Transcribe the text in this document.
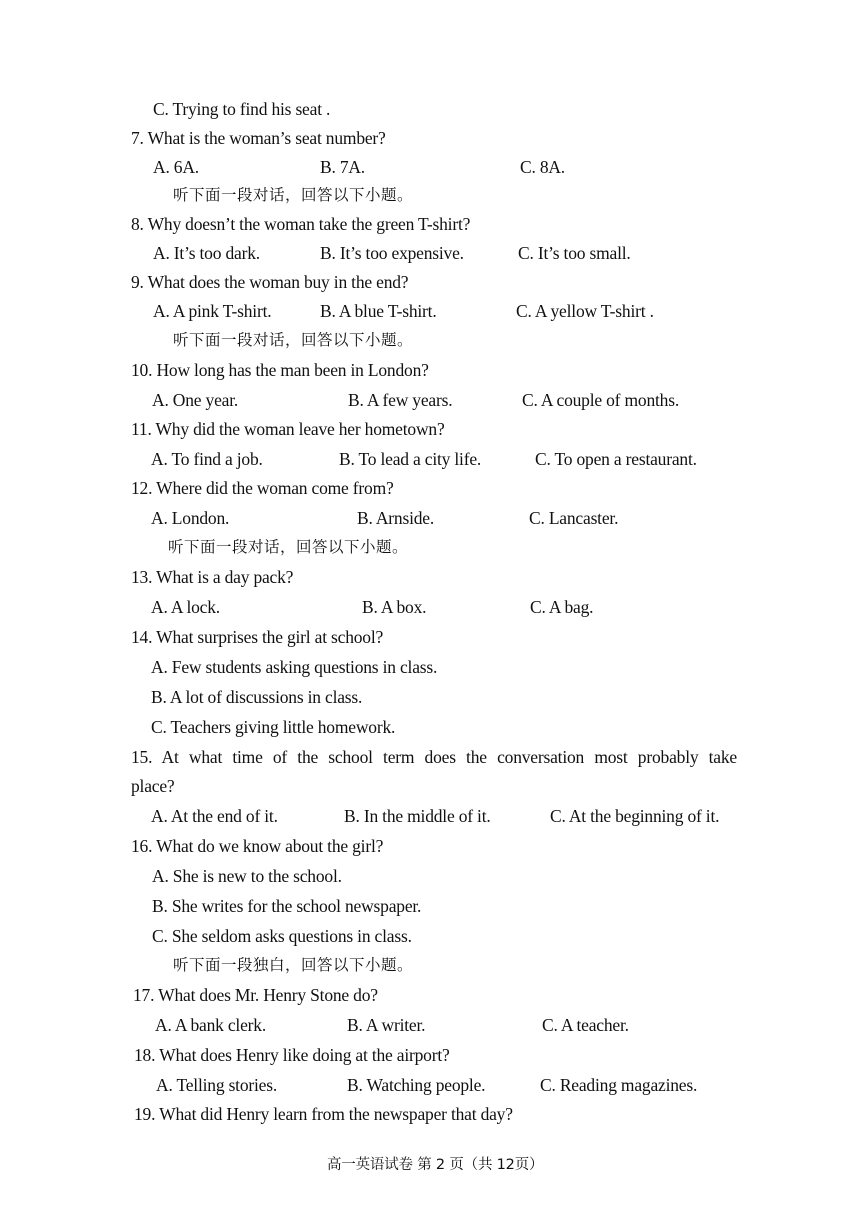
C. Trying to find his seat .
7. What is the woman’s seat number?
A. 6A.	B. 7A.	C. 8A.
听下面一段对话，回答以下小题。
8. Why doesn’t the woman take the green T-shirt?
A. It’s too dark.	B. It’s too expensive.	C. It’s too small.
9. What does the woman buy in the end?
A. A pink T-shirt.	B. A blue T-shirt.	C. A yellow T-shirt .
听下面一段对话，回答以下小题。
10. How long has the man been in London?
A. One year.	B. A few years.	C. A couple of months.
11. Why did the woman leave her hometown?
A. To find a job.	B. To lead a city life.	C. To open a restaurant.
12. Where did the woman come from?
A. London.	B. Arnside.	C. Lancaster.
听下面一段对话，回答以下小题。
13. What is a day pack?
A. A lock.	B. A box.	C. A bag.
14. What surprises the girl at school?
A. Few students asking questions in class.
B. A lot of discussions in class.
C. Teachers giving little homework.
15. At what time of the school term does the conversation most probably take
place?
A. At the end of it.	B. In the middle of it.	C. At the beginning of it.
16. What do we know about the girl?
A. She is new to the school.
B. She writes for the school newspaper.
C. She seldom asks questions in class.
听下面一段独白，回答以下小题。
17. What does Mr. Henry Stone do?
A. A bank clerk.	B. A writer.	C. A teacher.
18. What does Henry like doing at the airport?
A. Telling stories.	B. Watching people.	C. Reading magazines.
19. What did Henry learn from the newspaper that day?
高一英语试卷 第 2 页（共 12页）
